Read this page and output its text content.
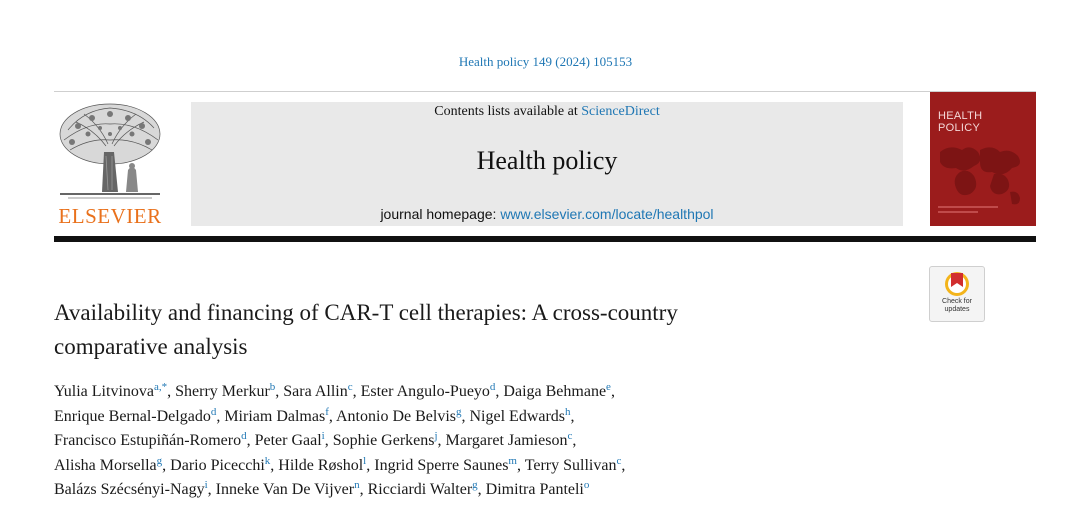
Health policy 149 (2024) 105153
ELSEVIER
Contents lists available at ScienceDirect
Health policy
journal homepage: www.elsevier.com/locate/healthpol
HEALTH
POLICY
Check for
updates
Availability and financing of CAR-T cell therapies: A cross-country
comparative analysis
Yulia Litvinova$^{a,*}$, Sherry Merkur$^b$, Sara Allin$^c$, Ester Angulo-Pueyo$^d$, Daiga Behmane$^e$,
Enrique Bernal-Delgado$^d$, Miriam Dalmas$^f$, Antonio De Belvis$^g$, Nigel Edwards$^h$,
Francisco Estupiñán-Romero$^d$, Peter Gaal$^i$, Sophie Gerkens$^j$, Margaret Jamieson$^c$,
Alisha Morsella$^g$, Dario Picecchi$^k$, Hilde Røshol$^l$, Ingrid Sperre Saunes$^m$, Terry Sullivan$^c$,
Balázs Szécsényi-Nagy$^i$, Inneke Van De Vijver$^n$, Ricciardi Walter$^g$, Dimitra Panteli$^o$
